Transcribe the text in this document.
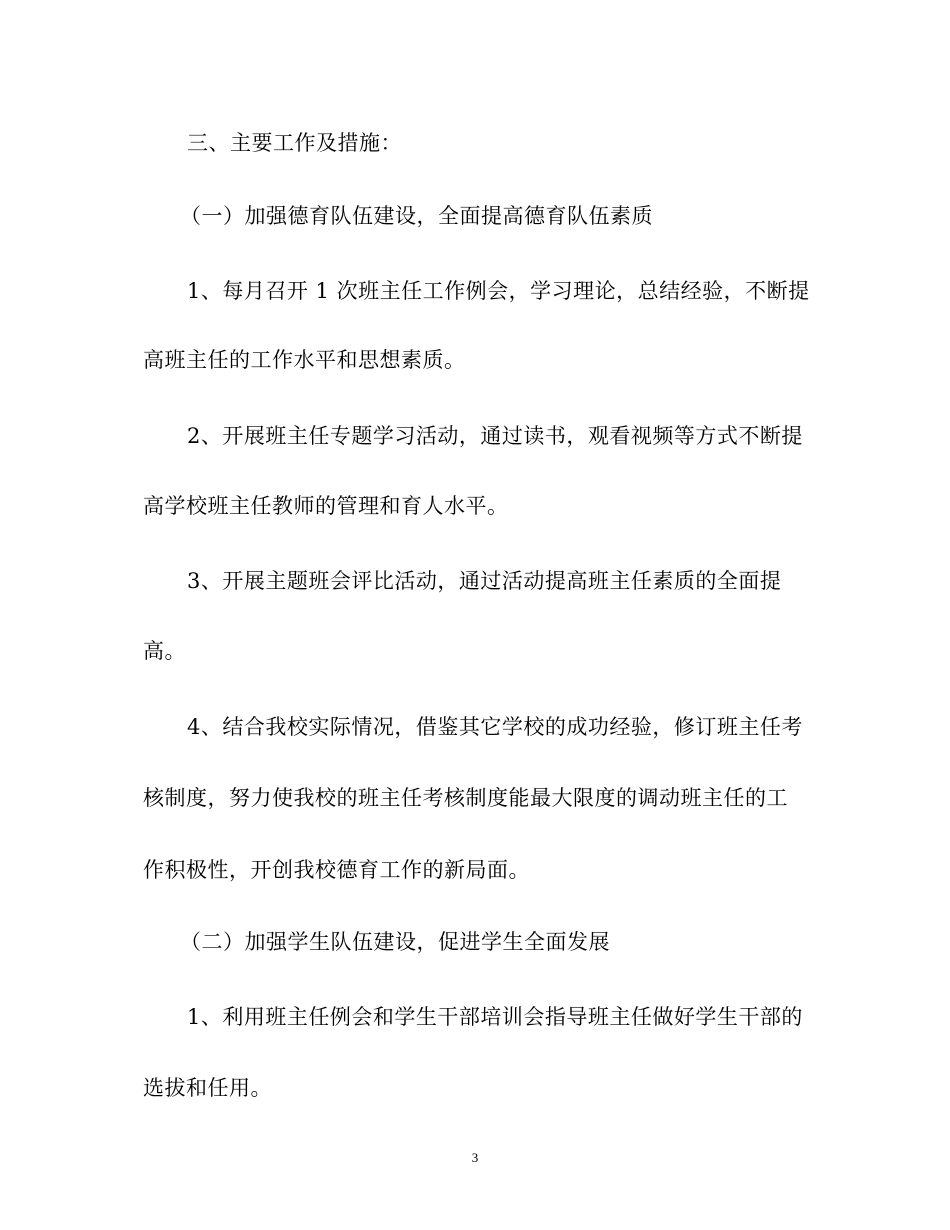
三、主要工作及措施：
（一）加强德育队伍建设，全面提高德育队伍素质
1、每月召开 1 次班主任工作例会，学习理论，总结经验，不断提
高班主任的工作水平和思想素质。
2、开展班主任专题学习活动，通过读书，观看视频等方式不断提
高学校班主任教师的管理和育人水平。
3、开展主题班会评比活动，通过活动提高班主任素质的全面提
高。
4、结合我校实际情况，借鉴其它学校的成功经验，修订班主任考
核制度，努力使我校的班主任考核制度能最大限度的调动班主任的工
作积极性，开创我校德育工作的新局面。
（二）加强学生队伍建设，促进学生全面发展
1、利用班主任例会和学生干部培训会指导班主任做好学生干部的
选拔和任用。
3
